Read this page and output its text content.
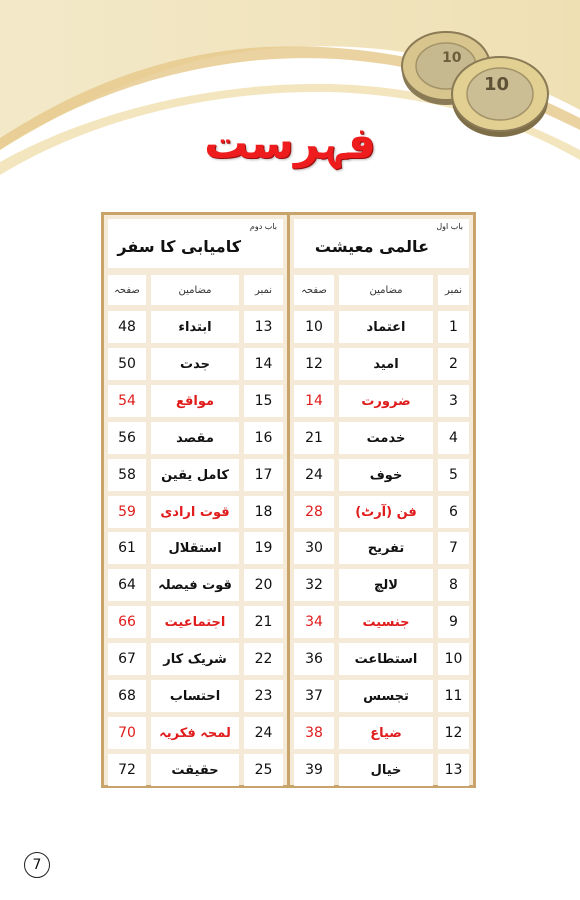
10
10
فہرست
باب اول
عالمی معیشت
نمبر
مضامین
صفحہ
1
اعتماد
10
2
امید
12
3
ضرورت
14
4
خدمت
21
5
خوف
24
6
فن (آرٹ)
28
7
تفریح
30
8
لالچ
32
9
جنسیت
34
10
استطاعت
36
11
تجسس
37
12
ضیاع
38
13
خیال
39
باب دوم
کامیابی کا سفر
نمبر
مضامین
صفحہ
13
ابتداء
48
14
جدت
50
15
مواقع
54
16
مقصد
56
17
کامل یقین
58
18
قوت ارادی
59
19
استقلال
61
20
قوت فیصلہ
64
21
اجتماعیت
66
22
شریک کار
67
23
احتساب
68
24
لمحہ فکریہ
70
25
حقیقت
72
7
